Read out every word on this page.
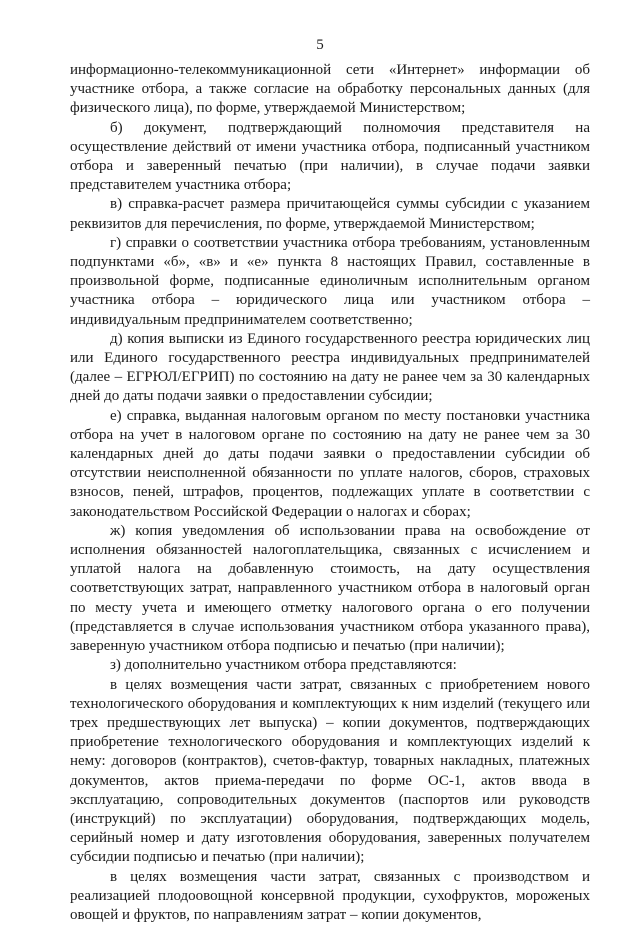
5

информационно-телекоммуникационной сети «Интернет» информации об участнике отбора, а также согласие на обработку персональных данных (для физического лица), по форме, утверждаемой Министерством;

б) документ, подтверждающий полномочия представителя на осуществление действий от имени участника отбора, подписанный участником отбора и заверенный печатью (при наличии), в случае подачи заявки представителем участника отбора;

в) справка-расчет размера причитающейся суммы субсидии с указанием реквизитов для перечисления, по форме, утверждаемой Министерством;

г) справки о соответствии участника отбора требованиям, установленным подпунктами «б», «в» и «е» пункта 8 настоящих Правил, составленные в произвольной форме, подписанные единоличным исполнительным органом участника отбора – юридического лица или участником отбора – индивидуальным предпринимателем соответственно;

д) копия выписки из Единого государственного реестра юридических лиц или Единого государственного реестра индивидуальных предпринимателей (далее – ЕГРЮЛ/ЕГРИП) по состоянию на дату не ранее чем за 30 календарных дней до даты подачи заявки о предоставлении субсидии;

е) справка, выданная налоговым органом по месту постановки участника отбора на учет в налоговом органе по состоянию на дату не ранее чем за 30 календарных дней до даты подачи заявки о предоставлении субсидии об отсутствии неисполненной обязанности по уплате налогов, сборов, страховых взносов, пеней, штрафов, процентов, подлежащих уплате в соответствии с законодательством Российской Федерации о налогах и сборах;

ж) копия уведомления об использовании права на освобождение от исполнения обязанностей налогоплательщика, связанных с исчислением и уплатой налога на добавленную стоимость, на дату осуществления соответствующих затрат, направленного участником отбора в налоговый орган по месту учета и имеющего отметку налогового органа о его получении (представляется в случае использования участником отбора указанного права), заверенную участником отбора подписью и печатью (при наличии);

з) дополнительно участником отбора представляются:

в целях возмещения части затрат, связанных с приобретением нового технологического оборудования и комплектующих к ним изделий (текущего или трех предшествующих лет выпуска) – копии документов, подтверждающих приобретение технологического оборудования и комплектующих изделий к нему: договоров (контрактов), счетов-фактур, товарных накладных, платежных документов, актов приема-передачи по форме ОС-1, актов ввода в эксплуатацию, сопроводительных документов (паспортов или руководств (инструкций) по эксплуатации) оборудования, подтверждающих модель, серийный номер и дату изготовления оборудования, заверенных получателем субсидии подписью и печатью (при наличии);

в целях возмещения части затрат, связанных с производством и реализацией плодоовощной консервной продукции, сухофруктов, мороженых овощей и фруктов, по направлениям затрат – копии документов,
